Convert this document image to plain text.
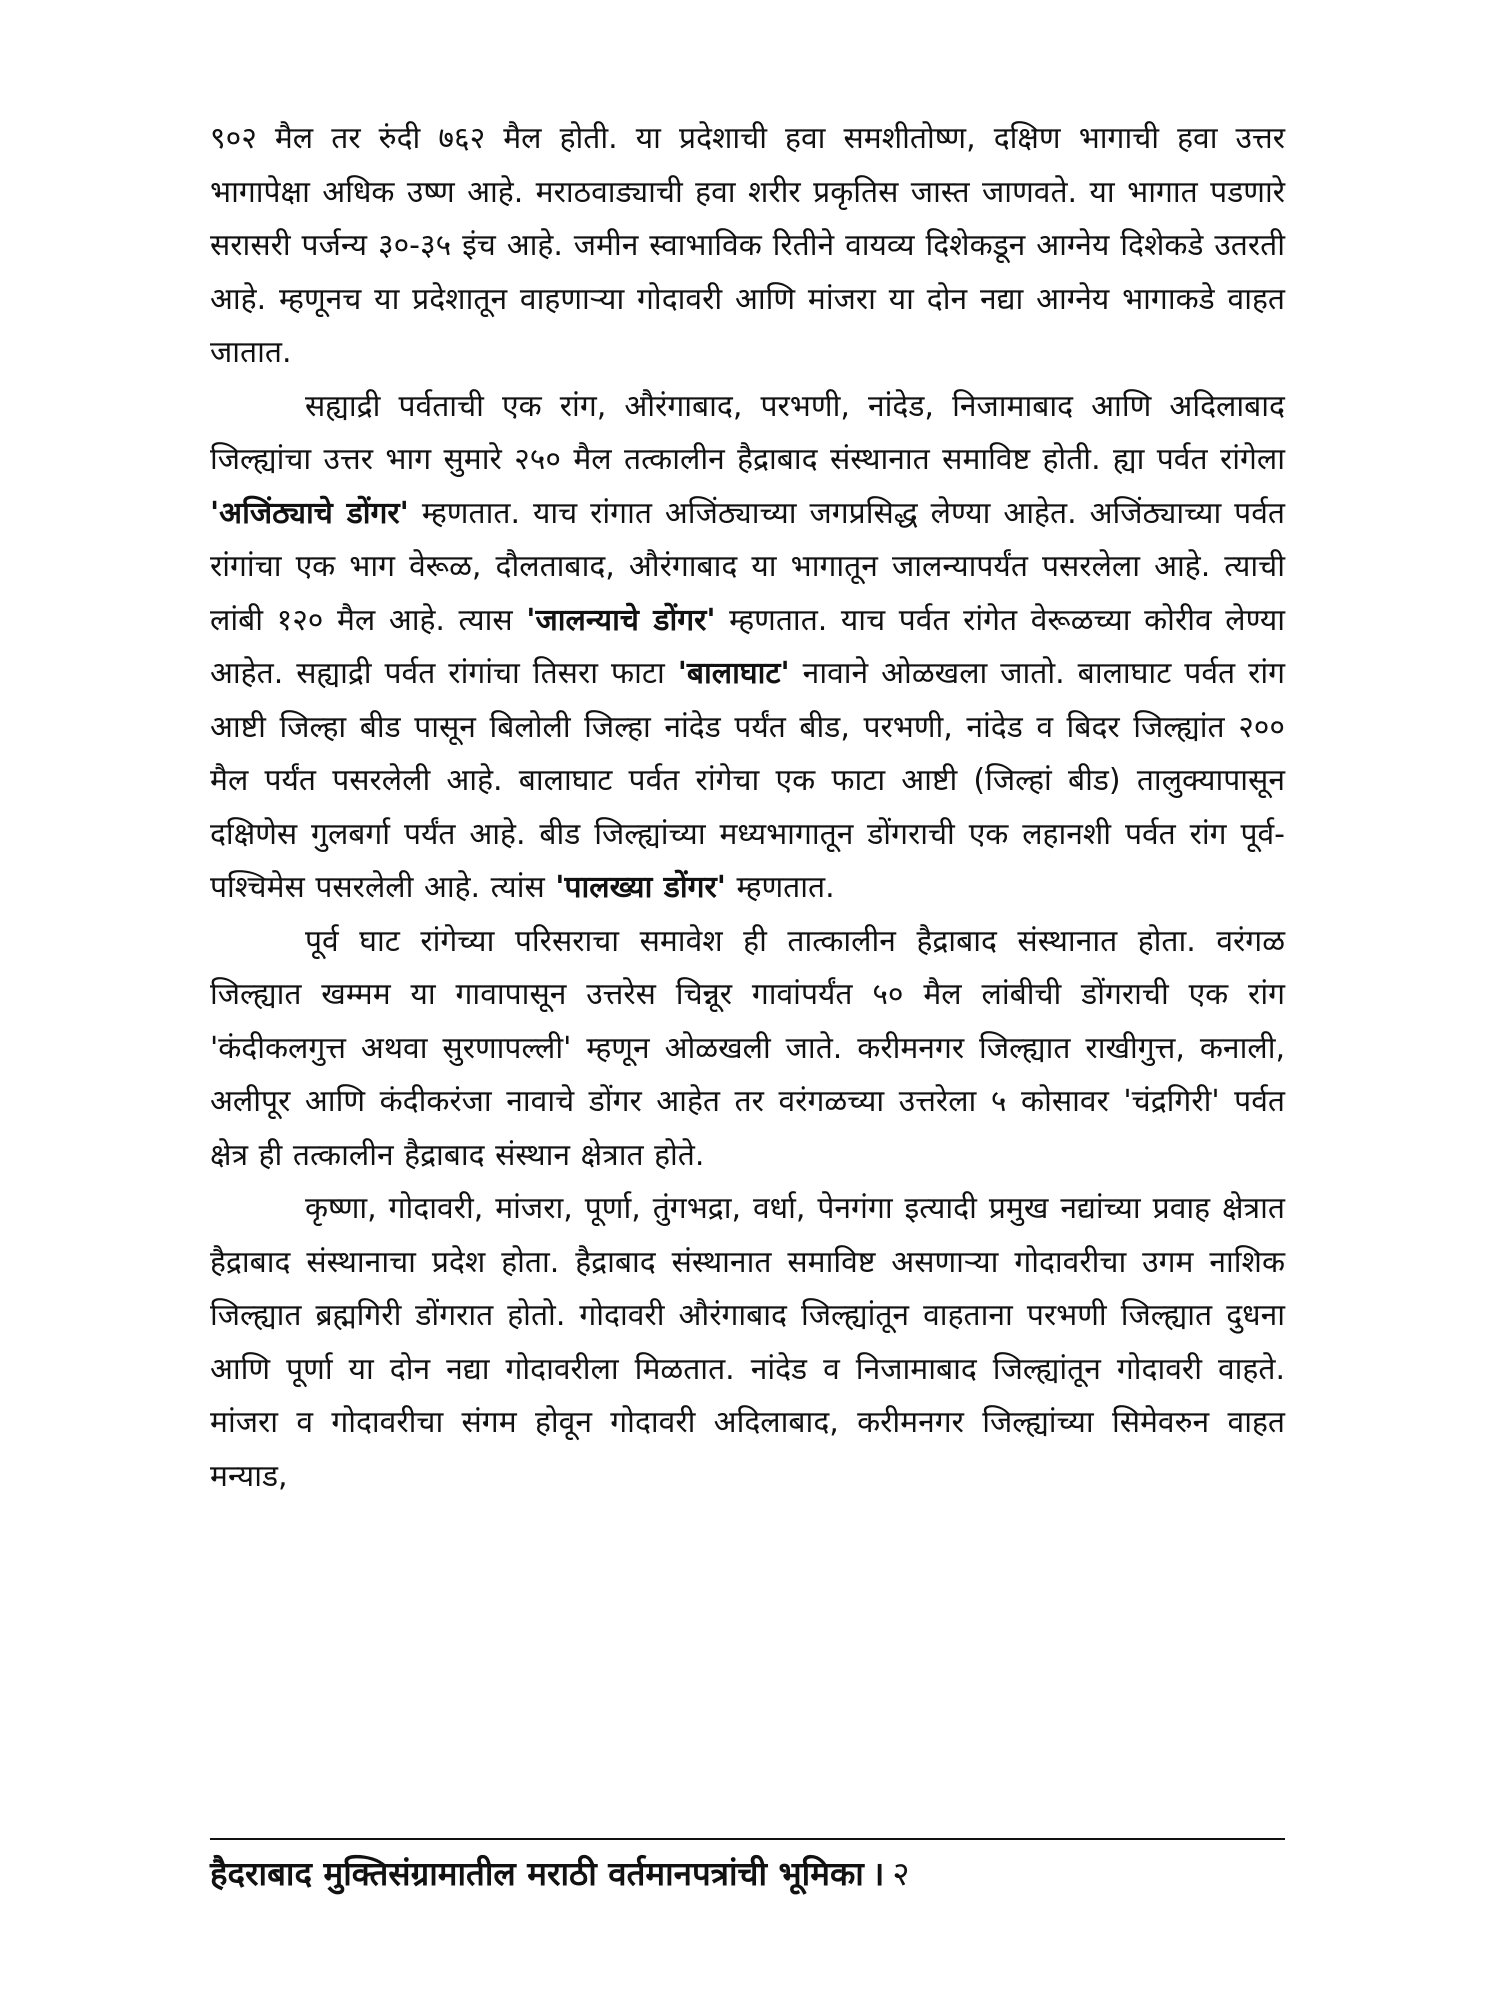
९०२ मैल तर रुंदी ७६२ मैल होती. या प्रदेशाची हवा समशीतोष्ण, दक्षिण भागाची हवा उत्तर भागापेक्षा अधिक उष्ण आहे. मराठवाड्याची हवा शरीर प्रकृतिस जास्त जाणवते. या भागात पडणारे सरासरी पर्जन्य ३०-३५ इंच आहे. जमीन स्वाभाविक रितीने वायव्य दिशेकडून आग्नेय दिशेकडे उतरती आहे. म्हणूनच या प्रदेशातून वाहणाऱ्या गोदावरी आणि मांजरा या दोन नद्या आग्नेय भागाकडे वाहत जातात.

सह्याद्री पर्वताची एक रांग, औरंगाबाद, परभणी, नांदेड, निजामाबाद आणि अदिलाबाद जिल्ह्यांचा उत्तर भाग सुमारे २५० मैल तत्कालीन हैद्राबाद संस्थानात समाविष्ट होती. ह्या पर्वत रांगेला 'अजिंठ्याचे डोंगर' म्हणतात. याच रांगात अजिंठ्याच्या जगप्रसिद्ध लेण्या आहेत. अजिंठ्याच्या पर्वत रांगांचा एक भाग वेरूळ, दौलताबाद, औरंगाबाद या भागातून जालन्यापर्यंत पसरलेला आहे. त्याची लांबी १२० मैल आहे. त्यास 'जालन्याचे डोंगर' म्हणतात. याच पर्वत रांगेत वेरूळच्या कोरीव लेण्या आहेत. सह्याद्री पर्वत रांगांचा तिसरा फाटा 'बालाघाट' नावाने ओळखला जातो. बालाघाट पर्वत रांग आष्टी जिल्हा बीड पासून बिलोली जिल्हा नांदेड पर्यंत बीड, परभणी, नांदेड व बिदर जिल्ह्यांत २०० मैल पर्यंत पसरलेली आहे. बालाघाट पर्वत रांगेचा एक फाटा आष्टी (जिल्हां बीड) तालुक्यापासून दक्षिणेस गुलबर्गा पर्यंत आहे. बीड जिल्ह्यांच्या मध्यभागातून डोंगराची एक लहानशी पर्वत रांग पूर्व-पश्चिमेस पसरलेली आहे. त्यांस 'पालख्या डोंगर' म्हणतात.

पूर्व घाट रांगेच्या परिसराचा समावेश ही तात्कालीन हैद्राबाद संस्थानात होता. वरंगळ जिल्ह्यात खम्मम या गावापासून उत्तरेस चिन्नूर गावांपर्यंत ५० मैल लांबीची डोंगराची एक रांग 'कंदीकलगुत्त अथवा सुरणापल्ली' म्हणून ओळखली जाते. करीमनगर जिल्ह्यात राखीगुत्त, कनाली, अलीपूर आणि कंदीकरंजा नावाचे डोंगर आहेत तर वरंगळच्या उत्तरेला ५ कोसावर 'चंद्रगिरी' पर्वत क्षेत्र ही तत्कालीन हैद्राबाद संस्थान क्षेत्रात होते.

कृष्णा, गोदावरी, मांजरा, पूर्णा, तुंगभद्रा, वर्धा, पेनगंगा इत्यादी प्रमुख नद्यांच्या प्रवाह क्षेत्रात हैद्राबाद संस्थानाचा प्रदेश होता. हैद्राबाद संस्थानात समाविष्ट असणाऱ्या गोदावरीचा उगम नाशिक जिल्ह्यात ब्रह्मगिरी डोंगरात होतो. गोदावरी औरंगाबाद जिल्ह्यांतून वाहताना परभणी जिल्ह्यात दुधना आणि पूर्णा या दोन नद्या गोदावरीला मिळतात. नांदेड व निजामाबाद जिल्ह्यांतून गोदावरी वाहते. मांजरा व गोदावरीचा संगम होवून गोदावरी अदिलाबाद, करीमनगर जिल्ह्यांच्या सिमेवरुन वाहत मन्याड,

हैदराबाद मुक्तिसंग्रामातील मराठी वर्तमानपत्रांची भूमिका । २
